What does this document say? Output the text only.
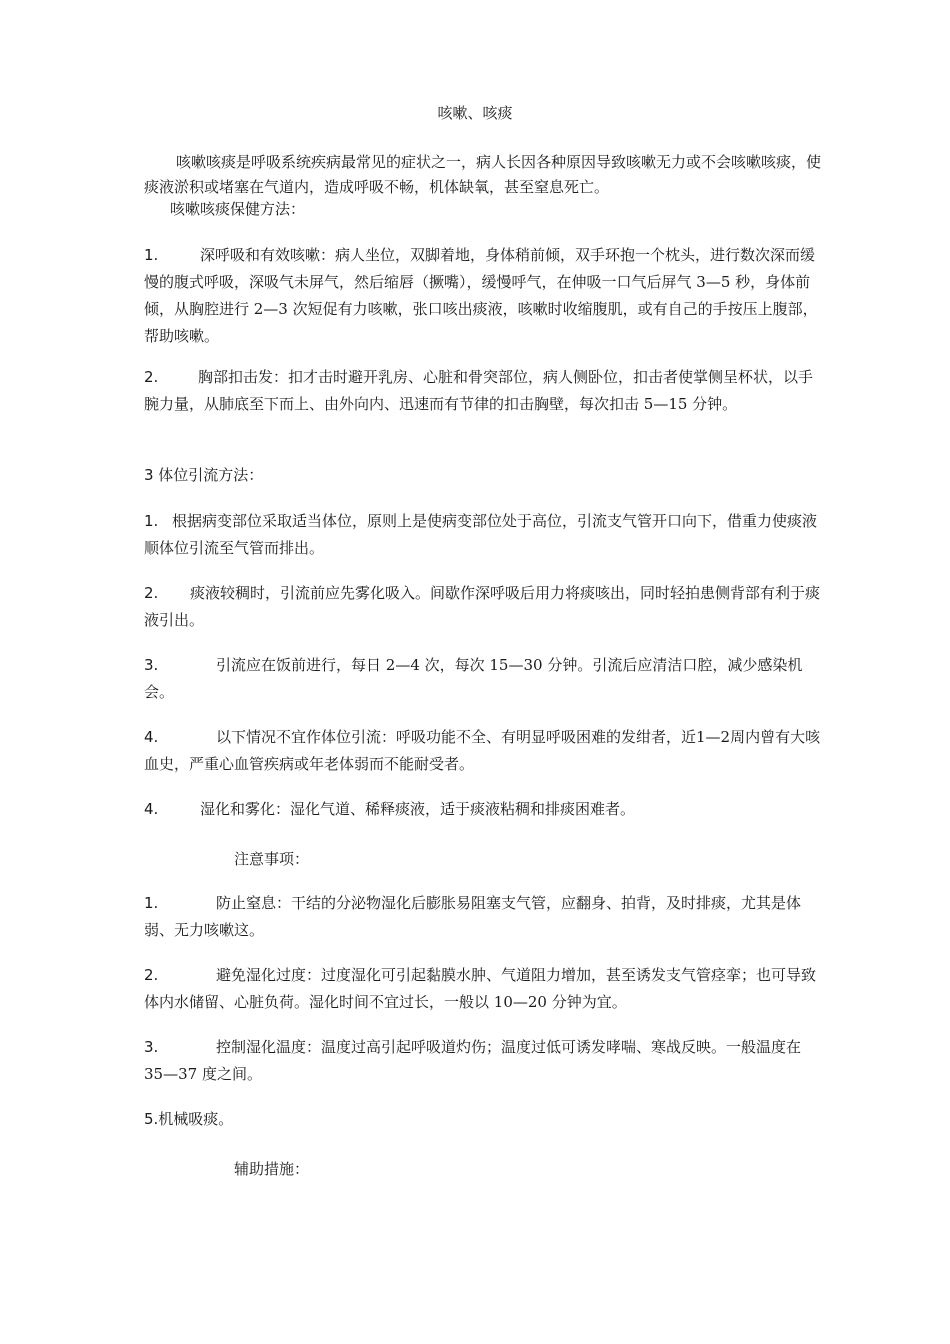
咳嗽、咳痰

咳嗽咳痰是呼吸系统疾病最常见的症状之一，病人长因各种原因导致咳嗽无力或不会咳嗽咳痰，使痰液淤积或堵塞在气道内，造成呼吸不畅，机体缺氧，甚至窒息死亡。

咳嗽咳痰保健方法：

1.	深呼吸和有效咳嗽：病人坐位，双脚着地，身体稍前倾，双手环抱一个枕头，进行数次深而缓慢的腹式呼吸，深吸气未屏气，然后缩唇（撅嘴），缓慢呼气，在伸吸一口气后屏气 3—5 秒，身体前倾，从胸腔进行 2—3 次短促有力咳嗽，张口咳出痰液，咳嗽时收缩腹肌，或有自己的手按压上腹部，帮助咳嗽。

2.	胸部扣击发：扣才击时避开乳房、心脏和骨突部位，病人侧卧位，扣击者使掌侧呈杯状，以手腕力量，从肺底至下而上、由外向内、迅速而有节律的扣击胸壁，每次扣击 5—15 分钟。

3 体位引流方法：

1. 根据病变部位采取适当体位，原则上是使病变部位处于高位，引流支气管开口向下，借重力使痰液顺体位引流至气管而排出。

2. 痰液较稠时，引流前应先雾化吸入。间歇作深呼吸后用力将痰咳出，同时轻拍患侧背部有利于痰液引出。

3.	引流应在饭前进行，每日 2—4 次，每次 15—30 分钟。引流后应清洁口腔，减少感染机会。

4.	以下情况不宜作体位引流：呼吸功能不全、有明显呼吸困难的发绀者，近1—2周内曾有大咳血史，严重心血管疾病或年老体弱而不能耐受者。

4.	湿化和雾化：湿化气道、稀释痰液，适于痰液粘稠和排痰困难者。

注意事项：

1.	防止窒息：干结的分泌物湿化后膨胀易阻塞支气管，应翻身、拍背，及时排痰，尤其是体弱、无力咳嗽这。

2.	避免湿化过度：过度湿化可引起黏膜水肿、气道阻力增加，甚至诱发支气管痉挛；也可导致体内水储留、心脏负荷。湿化时间不宜过长，一般以 10—20 分钟为宜。

3.	控制湿化温度：温度过高引起呼吸道灼伤；温度过低可诱发哮喘、寒战反映。一般温度在 35—37 度之间。

5.机械吸痰。

辅助措施：
